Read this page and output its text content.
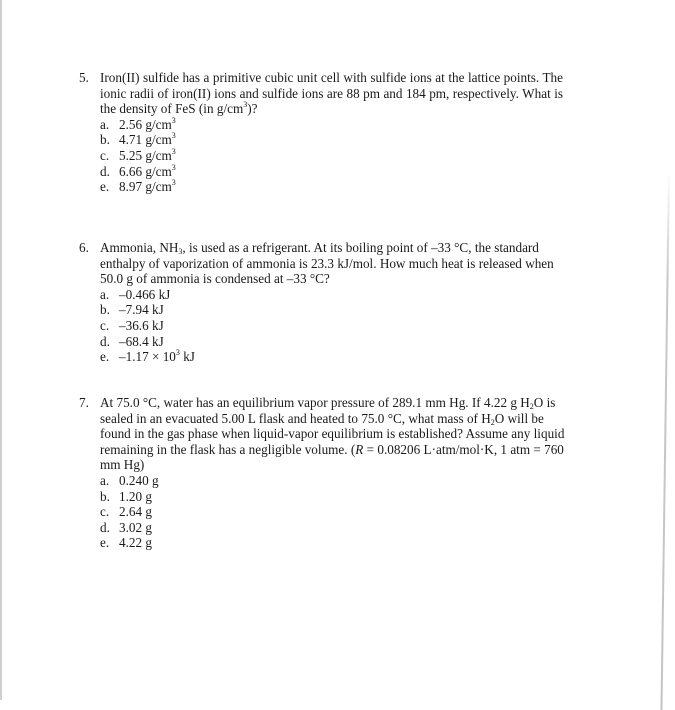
5. Iron(II) sulfide has a primitive cubic unit cell with sulfide ions at the lattice points. The
ionic radii of iron(II) ions and sulfide ions are 88 pm and 184 pm, respectively. What is
the density of FeS (in $g/cm^3$)?
a. 2.56 $g/cm^3$
b. 4.71 $g/cm^3$
c. 5.25 $g/cm^3$
d. 6.66 $g/cm^3$
e. 8.97 $g/cm^3$
6. Ammonia, $NH_3$, is used as a refrigerant. At its boiling point of –33 °C, the standard
enthalpy of vaporization of ammonia is 23.3 kJ/mol. How much heat is released when
50.0 g of ammonia is condensed at –33 °C?
a. –0.466 kJ
b. –7.94 kJ
c. –36.6 kJ
d. –68.4 kJ
e. $-1.17 \times 10^3$ kJ
7. At 75.0 °C, water has an equilibrium vapor pressure of 289.1 mm Hg. If 4.22 g $H_2O$ is
sealed in an evacuated 5.00 L flask and heated to 75.0 °C, what mass of $H_2O$ will be
found in the gas phase when liquid-vapor equilibrium is established? Assume any liquid
remaining in the flask has a negligible volume. (R = 0.08206 L·atm/mol·K, 1 atm = 760
mm Hg)
a. 0.240 g
b. 1.20 g
c. 2.64 g
d. 3.02 g
e. 4.22 g
